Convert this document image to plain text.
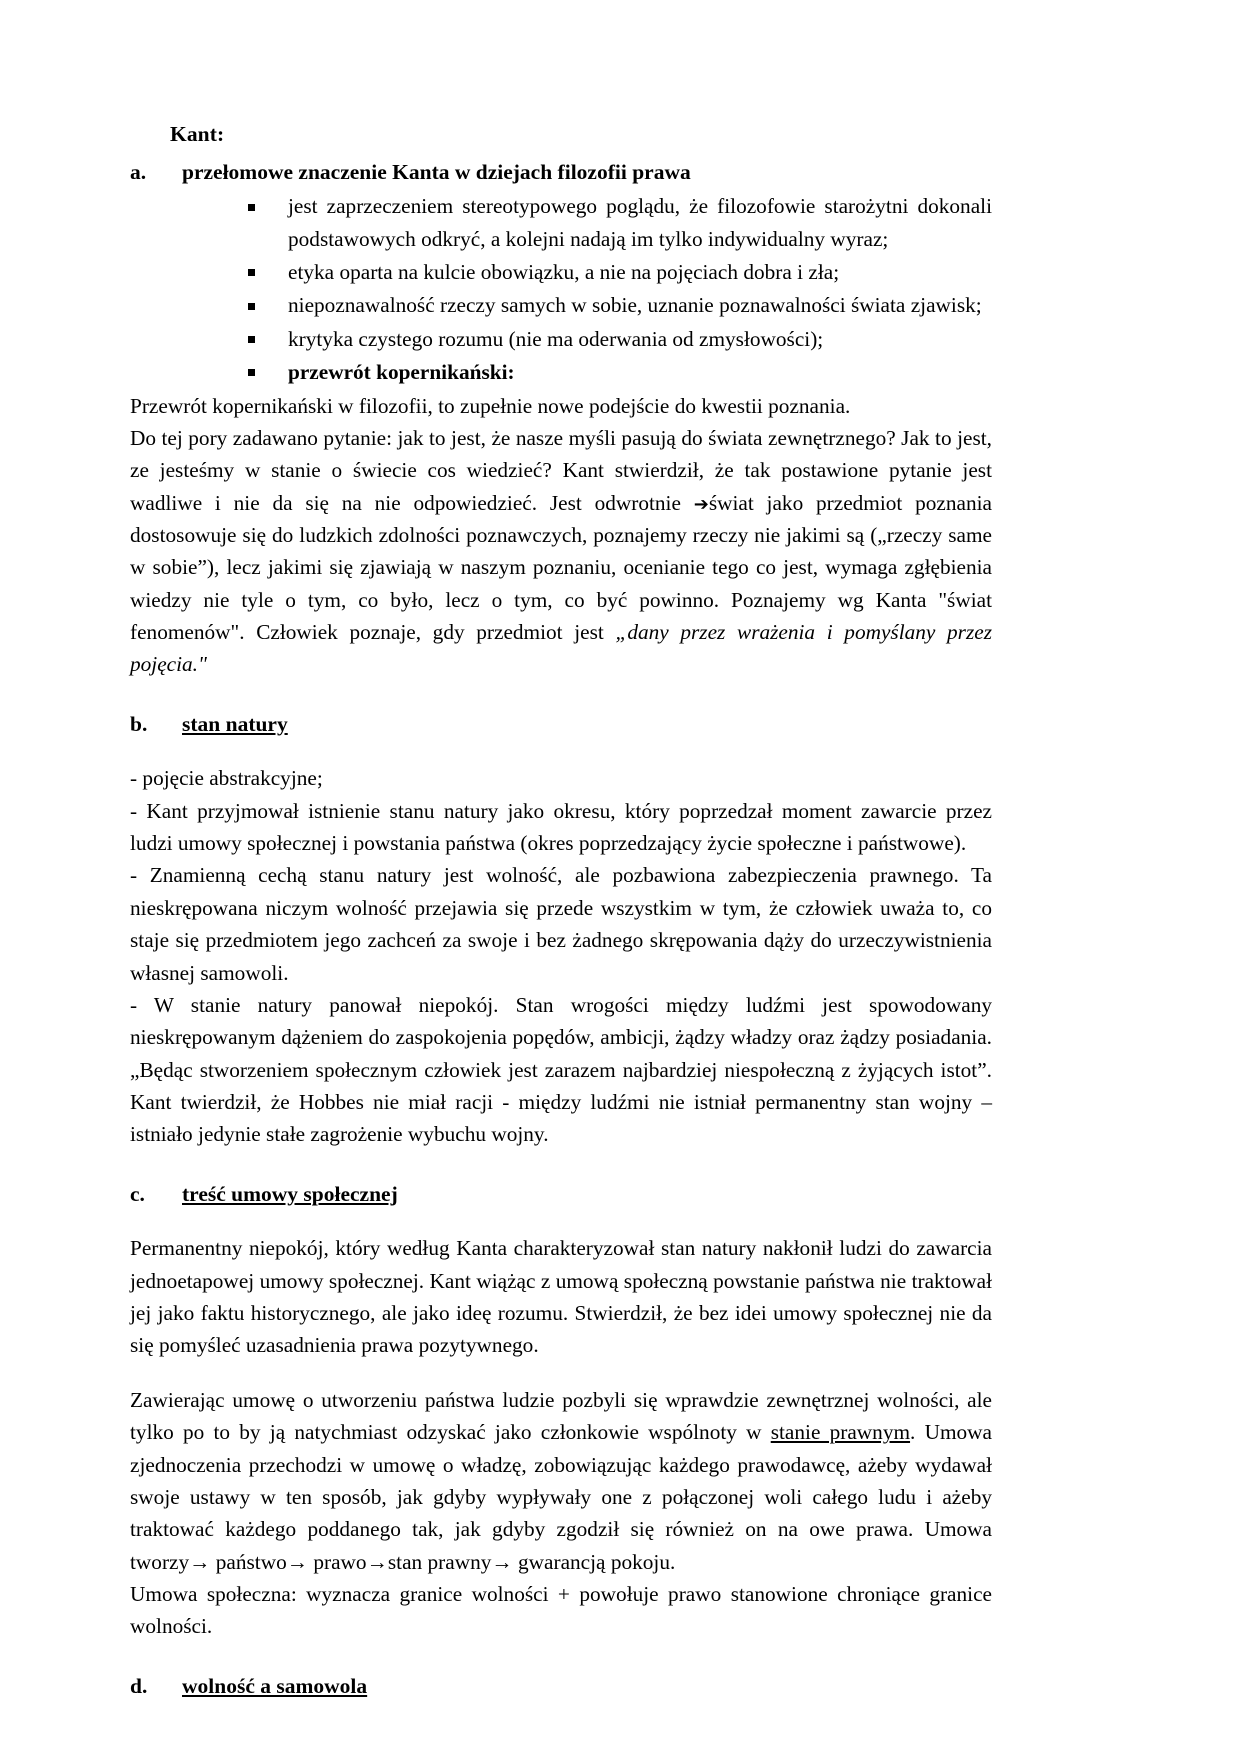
Kant:
a.	przełomowe znaczenie Kanta w dziejach filozofii prawa
jest zaprzeczeniem stereotypowego poglądu, że filozofowie starożytni dokonali podstawowych odkryć, a kolejni nadają im tylko indywidualny wyraz;
etyka oparta na kulcie obowiązku, a nie na pojęciach dobra i zła;
niepoznawalność rzeczy samych w sobie, uznanie poznawalności świata zjawisk;
krytyka czystego rozumu (nie ma oderwania od zmysłowości);
przewrót kopernikański:

Przewrót kopernikański w filozofii, to zupełnie nowe podejście do kwestii poznania.

Do tej pory zadawano pytanie: jak to jest, że nasze myśli pasują do świata zewnętrznego? Jak to jest, ze jesteśmy w stanie o świecie cos wiedzieć? Kant stwierdził, że tak postawione pytanie jest wadliwe i nie da się na nie odpowiedzieć. Jest odwrotnie ➔świat jako przedmiot poznania dostosowuje się do ludzkich zdolności poznawczych, poznajemy rzeczy nie jakimi są („rzeczy same w sobie”), lecz jakimi się zjawiają w naszym poznaniu, ocenianie tego co jest, wymaga zgłębienia wiedzy nie tyle o tym, co było, lecz o tym, co być powinno. Poznajemy wg Kanta "świat fenomenów". Człowiek poznaje, gdy przedmiot jest „dany przez wrażenia i pomyślany przez pojęcia."

b.	stan natury

- pojęcie abstrakcyjne;

- Kant przyjmował istnienie stanu natury jako okresu, który poprzedzał moment zawarcie przez ludzi umowy społecznej i powstania państwa (okres poprzedzający życie społeczne i państwowe).

- Znamienną cechą stanu natury jest wolność, ale pozbawiona zabezpieczenia prawnego. Ta nieskrępowana niczym wolność przejawia się przede wszystkim w tym, że człowiek uważa to, co staje się przedmiotem jego zachceń za swoje i bez żadnego skrępowania dąży do urzeczywistnienia własnej samowoli.

- W stanie natury panował niepokój. Stan wrogości między ludźmi jest spowodowany nieskrępowanym dążeniem do zaspokojenia popędów, ambicji, żądzy władzy oraz żądzy posiadania. „Będąc stworzeniem społecznym człowiek jest zarazem najbardziej niespołeczną z żyjących istot”. Kant twierdził, że Hobbes nie miał racji - między ludźmi nie istniał permanentny stan wojny – istniało jedynie stałe zagrożenie wybuchu wojny.

c.	treść umowy społecznej

Permanentny niepokój, który według Kanta charakteryzował stan natury nakłonił ludzi do zawarcia jednoetapowej umowy społecznej. Kant wiążąc z umową społeczną powstanie państwa nie traktował jej jako faktu historycznego, ale jako ideę rozumu. Stwierdził, że bez idei umowy społecznej nie da się pomyśleć uzasadnienia prawa pozytywnego.

Zawierając umowę o utworzeniu państwa ludzie pozbyli się wprawdzie zewnętrznej wolności, ale tylko po to by ją natychmiast odzyskać jako członkowie wspólnoty w stanie prawnym. Umowa zjednoczenia przechodzi w umowę o władzę, zobowiązując każdego prawodawcę, ażeby wydawał swoje ustawy w ten sposób, jak gdyby wypływały one z połączonej woli całego ludu i ażeby traktować każdego poddanego tak, jak gdyby zgodził się również on na owe prawa. Umowa tworzy→ państwo→ prawo→stan prawny→ gwarancją pokoju.

Umowa społeczna: wyznacza granice wolności + powołuje prawo stanowione chroniące granice wolności.

d.	wolność a samowola
